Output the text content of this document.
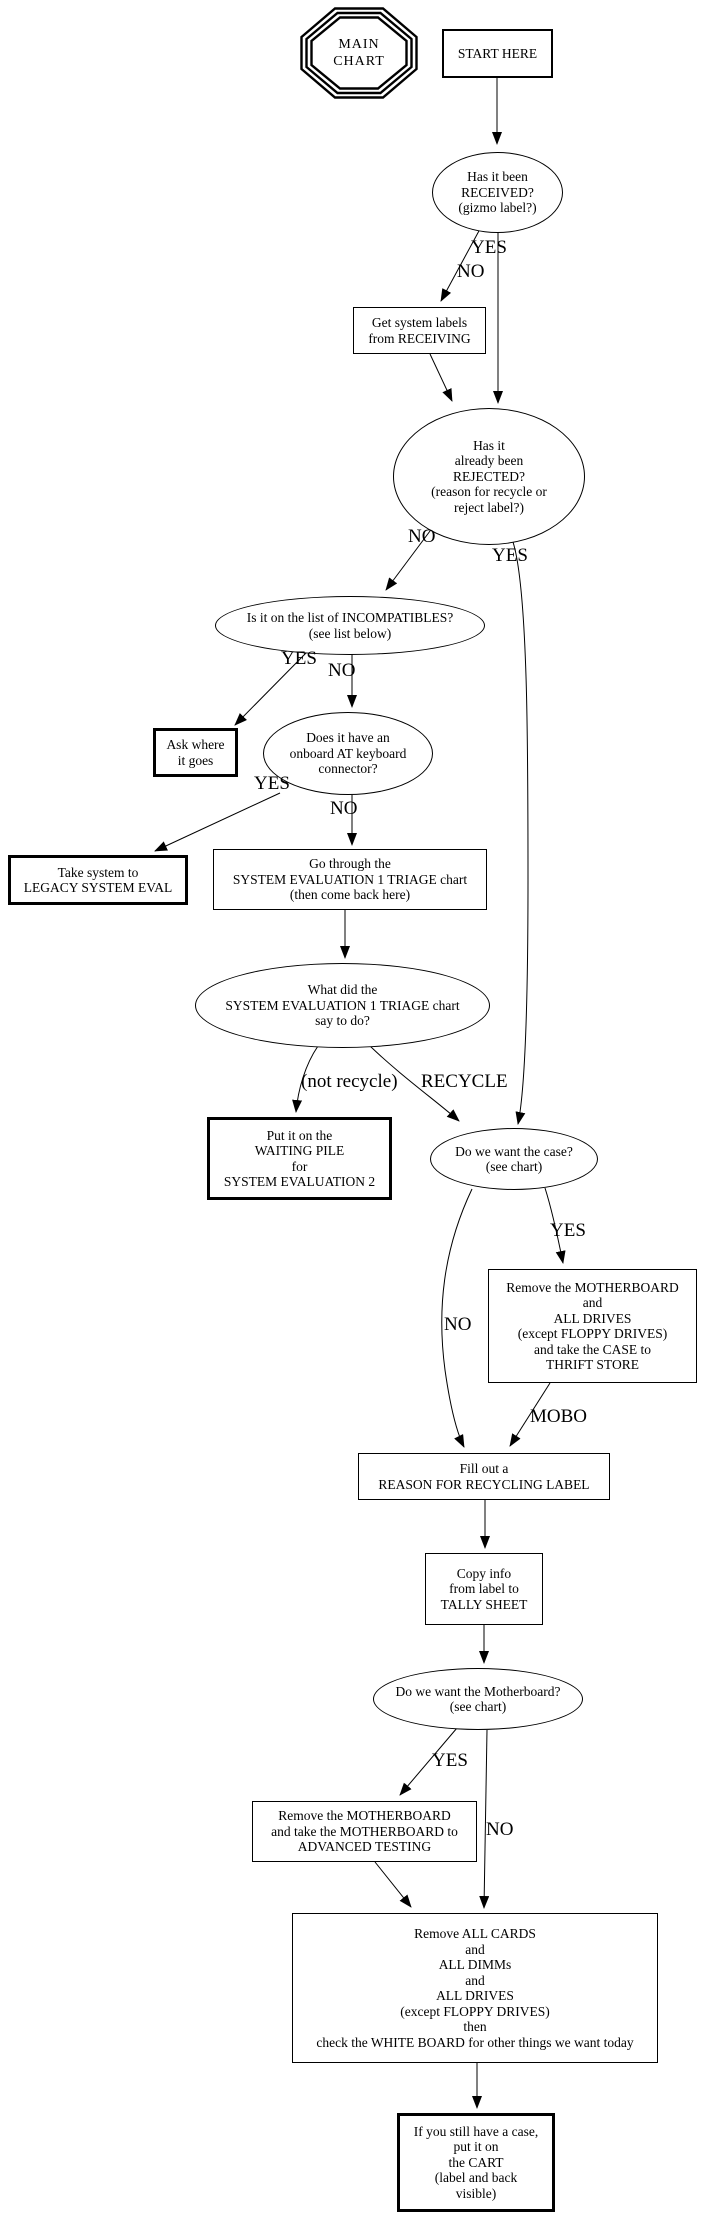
MAIN
CHART
START HERE
Has it been
RECEIVED?
(gizmo label?)
Get system labels
from RECEIVING
Has it
already been
REJECTED?
(reason for recycle or
reject label?)
Is it on the list of INCOMPATIBLES?
(see list below)
Ask where
it goes
Does it have an
onboard AT keyboard
connector?
Take system to
LEGACY SYSTEM EVAL
Go through the
SYSTEM EVALUATION 1 TRIAGE chart
(then come back here)
What did the
SYSTEM EVALUATION 1 TRIAGE chart
say to do?
Put it on the
WAITING PILE
for
SYSTEM EVALUATION 2
Do we want the case?
(see chart)
Remove the MOTHERBOARD
and
ALL DRIVES
(except FLOPPY DRIVES)
and take the CASE to
THRIFT STORE
Fill out a
REASON FOR RECYCLING LABEL
Copy info
from label to
TALLY SHEET
Do we want the Motherboard?
(see chart)
Remove the MOTHERBOARD
and take the MOTHERBOARD to
ADVANCED TESTING
Remove ALL CARDS
and
ALL DIMMs
and
ALL DRIVES
(except FLOPPY DRIVES)
then
check the WHITE BOARD for other things we want today
If you still have a case,
put it on
the CART
(label and back
visible)
YES
NO
NO
YES
YES
NO
YES
NO
(not recycle) RECYCLE
YES
NO
MOBO
YES
NO
